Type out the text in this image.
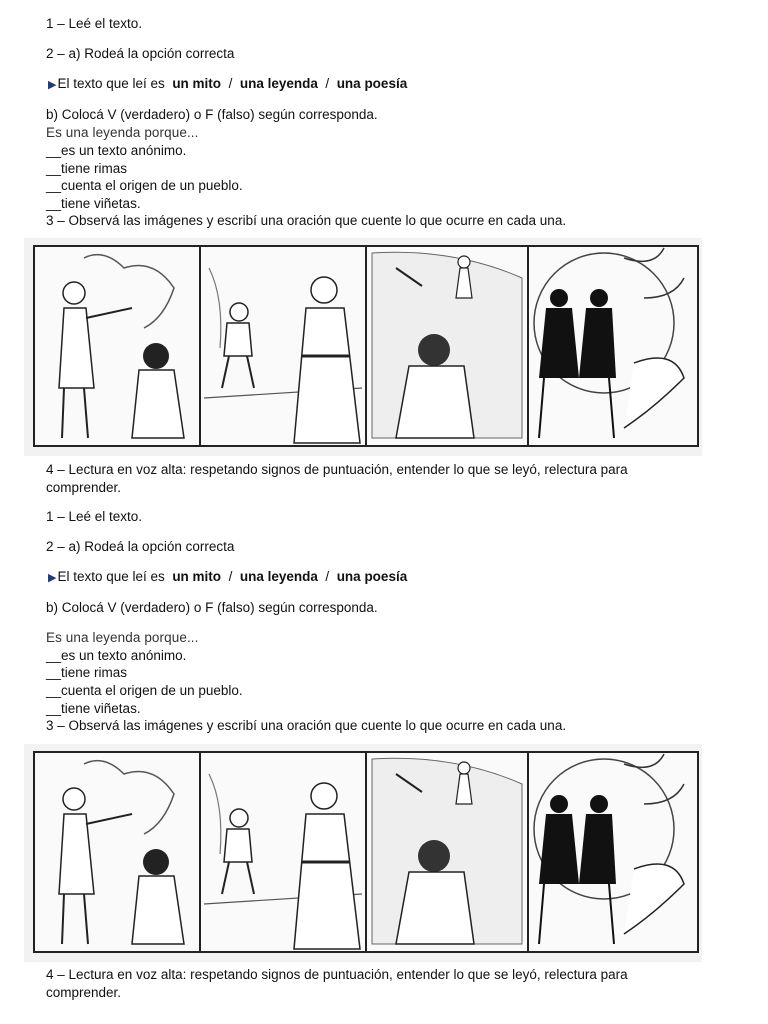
1 – Leé el texto.
2 – a) Rodeá la opción correcta
▶El texto que leí es un mito / una leyenda / una poesía
b) Colocá V (verdadero) o F (falso) según corresponda.
Es una leyenda porque...
__es un texto anónimo.
__tiene rimas
__cuenta el origen de un pueblo.
__tiene viñetas.
3 – Observá las imágenes y escribí una oración que cuente lo que ocurre en cada una.
4 – Lectura en voz alta: respetando signos de puntuación, entender lo que se leyó, relectura para comprender.
1 – Leé el texto.
2 – a) Rodeá la opción correcta
▶El texto que leí es un mito / una leyenda / una poesía
b) Colocá V (verdadero) o F (falso) según corresponda.
Es una leyenda porque...
__es un texto anónimo.
__tiene rimas
__cuenta el origen de un pueblo.
__tiene viñetas.
3 – Observá las imágenes y escribí una oración que cuente lo que ocurre en cada una.
4 – Lectura en voz alta: respetando signos de puntuación, entender lo que se leyó, relectura para comprender.
